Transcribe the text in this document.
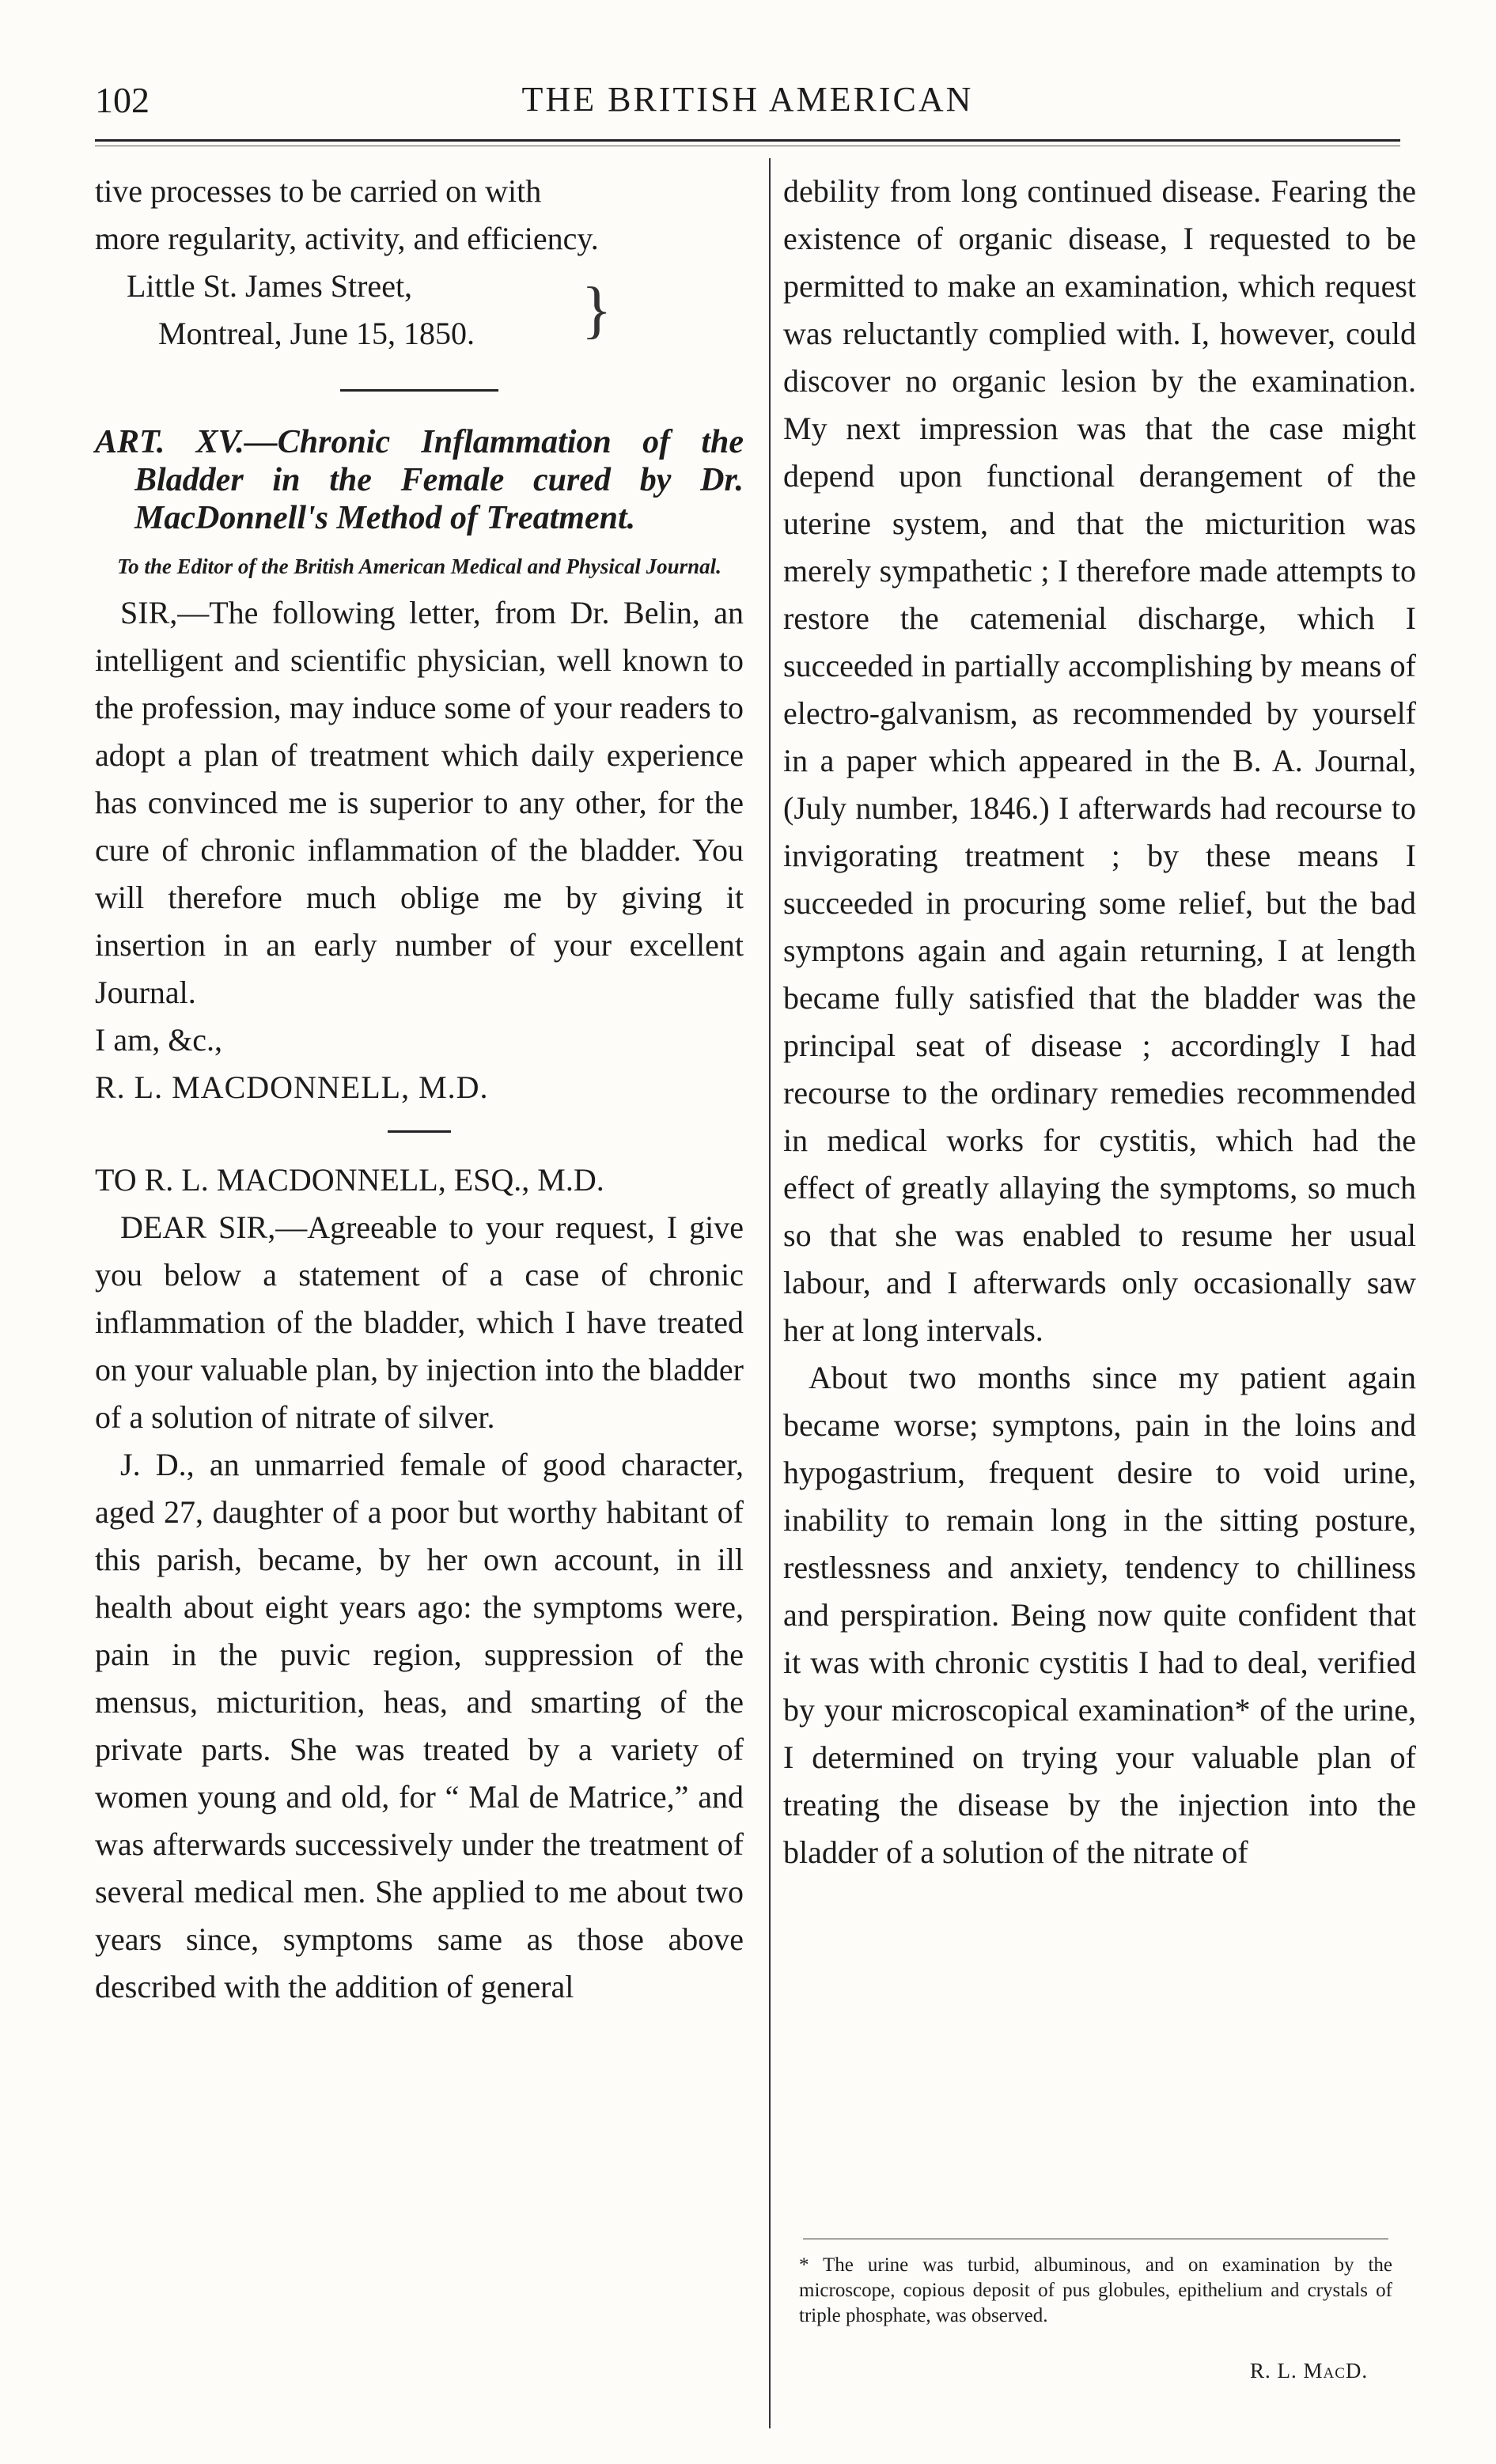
102	THE BRITISH AMERICAN

tive processes to be carried on with

more regularity, activity, and efficiency.

Little St. James Street,
Montreal, June 15, 1850.	}

ART. XV.—Chronic Inflammation of the Bladder in the Female cured by Dr. MacDonnell's Method of Treatment.

To the Editor of the British American Medical and Physical Journal.

SIR,—The following letter, from Dr. Belin, an intelligent and scientific physician, well known to the profession, may induce some of your readers to adopt a plan of treatment which daily experience has convinced me is superior to any other, for the cure of chronic inflammation of the bladder. You will therefore much oblige me by giving it insertion in an early number of your excellent Journal.

I am, &c.,

R. L. MACDONNELL, M.D.

TO R. L. MACDONNELL, ESQ., M.D.

DEAR SIR,—Agreeable to your request, I give you below a statement of a case of chronic inflammation of the bladder, which I have treated on your valuable plan, by injection into the bladder of a solution of nitrate of silver.

J. D., an unmarried female of good character, aged 27, daughter of a poor but worthy habitant of this parish, became, by her own account, in ill health about eight years ago: the symptoms were, pain in the puvic region, suppression of the mensus, micturition, heas, and smarting of the private parts. She was treated by a variety of women young and old, for “ Mal de Matrice,” and was afterwards successively under the treatment of several medical men. She applied to me about two years since, symptoms same as those above described with the addition of general

debility from long continued disease. Fearing the existence of organic disease, I requested to be permitted to make an examination, which request was reluctantly complied with. I, however, could discover no organic lesion by the examination. My next impression was that the case might depend upon functional derangement of the uterine system, and that the micturition was merely sympathetic ; I therefore made attempts to restore the catemenial discharge, which I succeeded in partially accomplishing by means of electro-galvanism, as recommended by yourself in a paper which appeared in the B. A. Journal, (July number, 1846.) I afterwards had recourse to invigorating treatment ; by these means I succeeded in procuring some relief, but the bad symptons again and again returning, I at length became fully satisfied that the bladder was the principal seat of disease ; accordingly I had recourse to the ordinary remedies recommended in medical works for cystitis, which had the effect of greatly allaying the symptoms, so much so that she was enabled to resume her usual labour, and I afterwards only occasionally saw her at long intervals.

About two months since my patient again became worse; symptons, pain in the loins and hypogastrium, frequent desire to void urine, inability to remain long in the sitting posture, restlessness and anxiety, tendency to chilliness and perspiration. Being now quite confident that it was with chronic cystitis I had to deal, verified by your microscopical examination* of the urine, I determined on trying your valuable plan of treating the disease by the injection into the bladder of a solution of the nitrate of

* The urine was turbid, albuminous, and on examination by the microscope, copious deposit of pus globules, epithelium and crystals of triple phosphate, was observed.
R. L. MacD.
